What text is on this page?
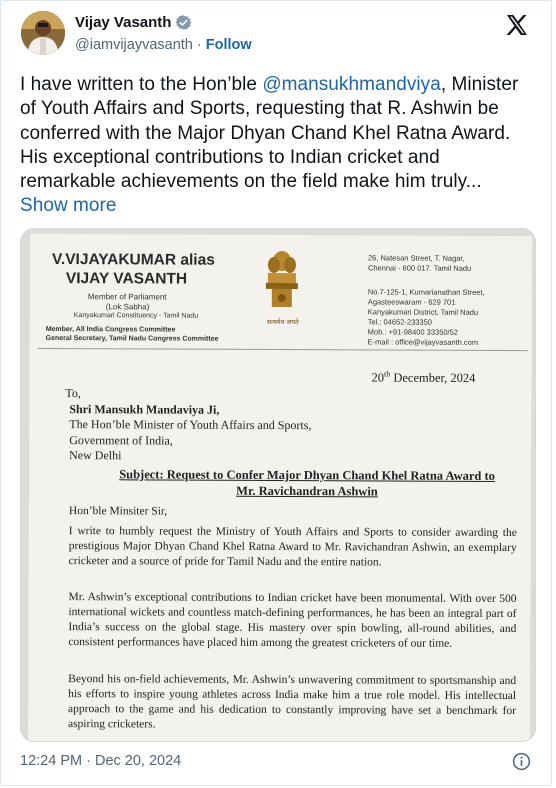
Vijay Vasanth
@iamvijayvasanth · Follow
I have written to the Hon’ble @mansukhmandviya, Minister of Youth Affairs and Sports, requesting that R. Ashwin be conferred with the Major Dhyan Chand Khel Ratna Award. His exceptional contributions to Indian cricket and remarkable achievements on the field make him truly... Show more
V.VIJAYAKUMAR alias
VIJAY VASANTH
Member of Parliament
(Lok Sabha)
Kanyakumari Constituency - Tamil Nadu
Member, All India Congress Committee
General Secretary, Tamil Nadu Congress Committee
सत्यमेव जयते
26, Natesan Street, T. Nagar,
Chennai - 600 017. Tamil Nadu
No.7-125-1, Kumarianathan Street,
Agasteeswaram - 629 701
Kanyakumari District, Tamil Nadu
Tel.: 04652-233350
Mob.: +91-98400 33350/52
E-mail : office@vijayvasanth.com
20th December, 2024
To,
Shri Mansukh Mandaviya Ji,
The Hon’ble Minister of Youth Affairs and Sports,
Government of India,
New Delhi
Subject: Request to Confer Major Dhyan Chand Khel Ratna Award to
Mr. Ravichandran Ashwin
Hon’ble Minsiter Sir,
I write to humbly request the Ministry of Youth Affairs and Sports to consider awarding the prestigious Major Dhyan Chand Khel Ratna Award to Mr. Ravichandran Ashwin, an exemplary cricketer and a source of pride for Tamil Nadu and the entire nation.
Mr. Ashwin’s exceptional contributions to Indian cricket have been monumental. With over 500 international wickets and countless match-defining performances, he has been an integral part of India’s success on the global stage. His mastery over spin bowling, all-round abilities, and consistent performances have placed him among the greatest cricketers of our time.
Beyond his on-field achievements, Mr. Ashwin’s unwavering commitment to sportsmanship and his efforts to inspire young athletes across India make him a true role model. His intellectual approach to the game and his dedication to constantly improving have set a benchmark for aspiring cricketers.
12:24 PM · Dec 20, 2024
